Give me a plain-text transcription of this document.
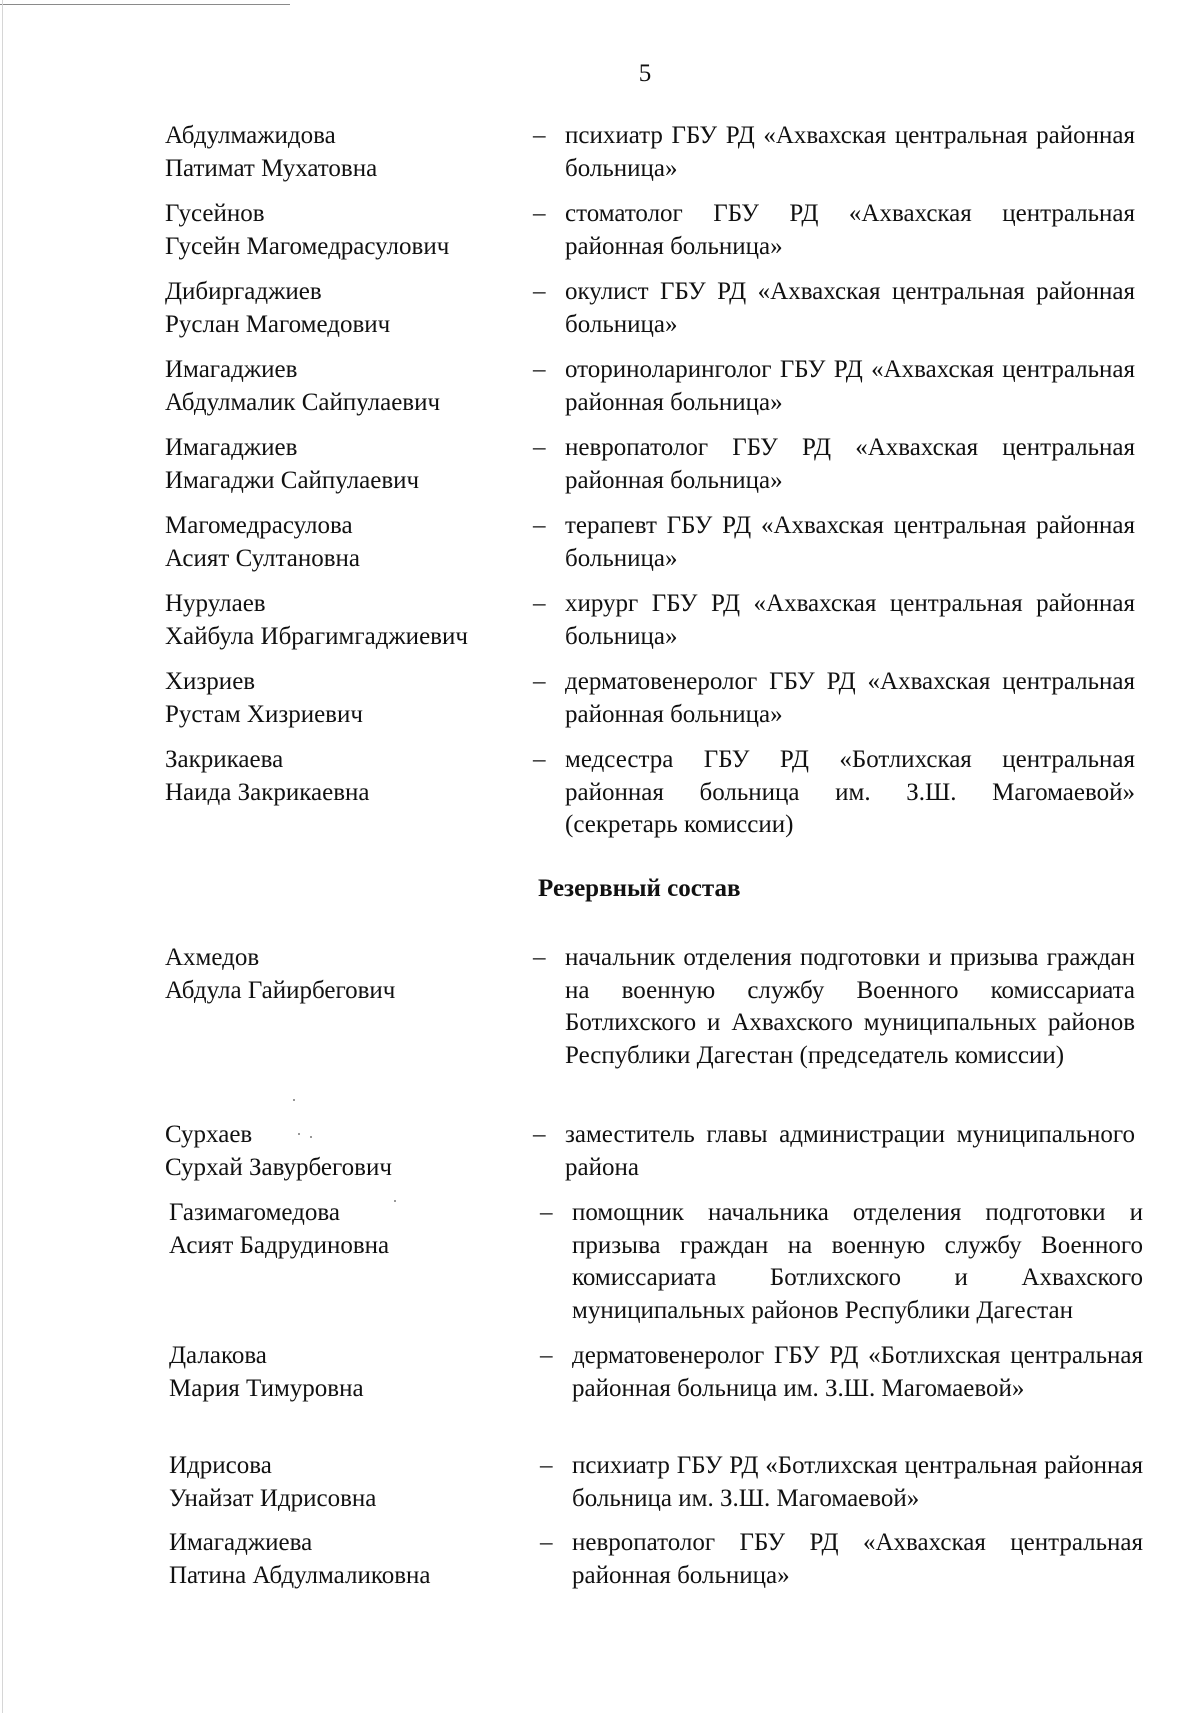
5
Абдулмажидова
Патимат Мухатовна
– психиатр ГБУ РД «Ахвахская центральная районная больница»
Гусейнов
Гусейн Магомедрасулович
– стоматолог ГБУ РД «Ахвахская центральная районная больница»
Дибиргаджиев
Руслан Магомедович
– окулист ГБУ РД «Ахвахская центральная районная больница»
Имагаджиев
Абдулмалик Сайпулаевич
– оториноларинголог ГБУ РД «Ахвахская центральная районная больница»
Имагаджиев
Имагаджи Сайпулаевич
– невропатолог ГБУ РД «Ахвахская центральная районная больница»
Магомедрасулова
Асият Султановна
– терапевт ГБУ РД «Ахвахская центральная районная больница»
Нурулаев
Хайбула Ибрагимгаджиевич
– хирург ГБУ РД «Ахвахская центральная районная больница»
Хизриев
Рустам Хизриевич
– дерматовенеролог ГБУ РД «Ахвахская центральная районная больница»
Закрикаева
Наида Закрикаевна
– медсестра ГБУ РД «Ботлихская центральная районная больница им. З.Ш. Магомаевой» (секретарь комиссии)
Резервный состав
Ахмедов
Абдула Гайирбегович
– начальник отделения подготовки и призыва граждан на военную службу Военного комиссариата Ботлихского и Ахвахского муниципальных районов Республики Дагестан (председатель комиссии)
Сурхаев
Сурхай Завурбегович
– заместитель главы администрации муниципального района
Газимагомедова
Асият Бадрудиновна
– помощник начальника отделения подготовки и призыва граждан на военную службу Военного комиссариата Ботлихского и Ахвахского муниципальных районов Республики Дагестан
Далакова
Мария Тимуровна
– дерматовенеролог ГБУ РД «Ботлихская центральная районная больница им. З.Ш. Магомаевой»
Идрисова
Унайзат Идрисовна
– психиатр ГБУ РД «Ботлихская центральная районная больница им. З.Ш. Магомаевой»
Имагаджиева
Патина Абдулмаликовна
– невропатолог ГБУ РД «Ахвахская центральная районная больница»
